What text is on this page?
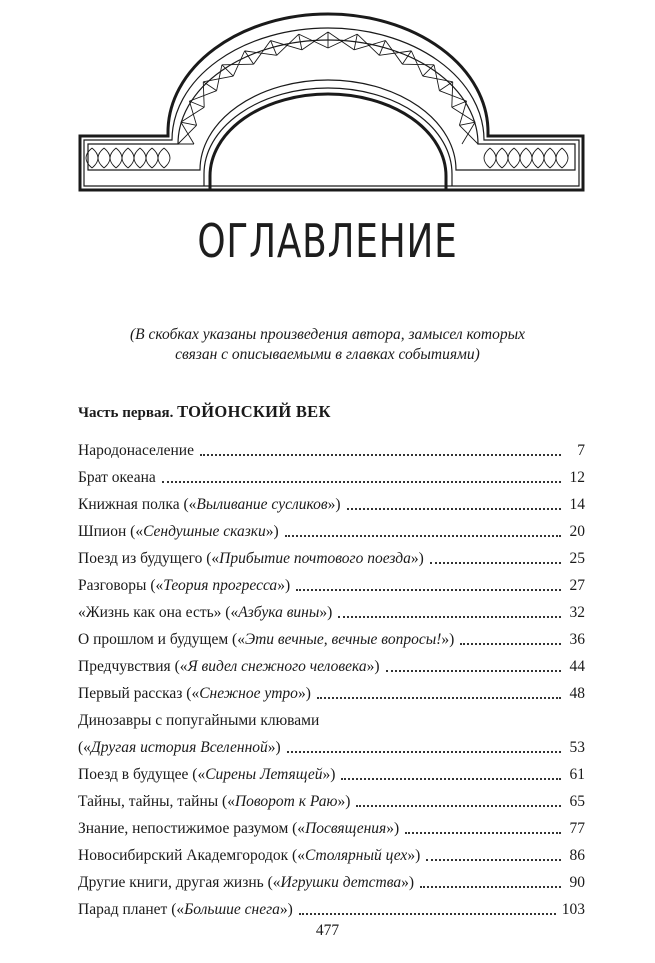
ОГЛАВЛЕНИЕ
(В скобках указаны произведения автора, замысел которых
связан с описываемыми в главках событиями)
Часть первая. ТОЙОНСКИЙ ВЕК
Народонаселение	7
Брат океана	12
Книжная полка («Выливание сусликов»)	14
Шпион («Сендушные сказки»)	20
Поезд из будущего («Прибытие почтового поезда»)	25
Разговоры («Теория прогресса»)	27
«Жизнь как она есть» («Азбука вины»)	32
О прошлом и будущем («Эти вечные, вечные вопросы!»)	36
Предчувствия («Я видел снежного человека»)	44
Первый рассказ («Снежное утро»)	48
Динозавры с попугайными клювами
(«Другая история Вселенной»)	53
Поезд в будущее («Сирены Летящей»)	61
Тайны, тайны, тайны («Поворот к Раю»)	65
Знание, непостижимое разумом («Посвящения»)	77
Новосибирский Академгородок («Столярный цех»)	86
Другие книги, другая жизнь («Игрушки детства»)	90
Парад планет («Большие снега»)	103
477
